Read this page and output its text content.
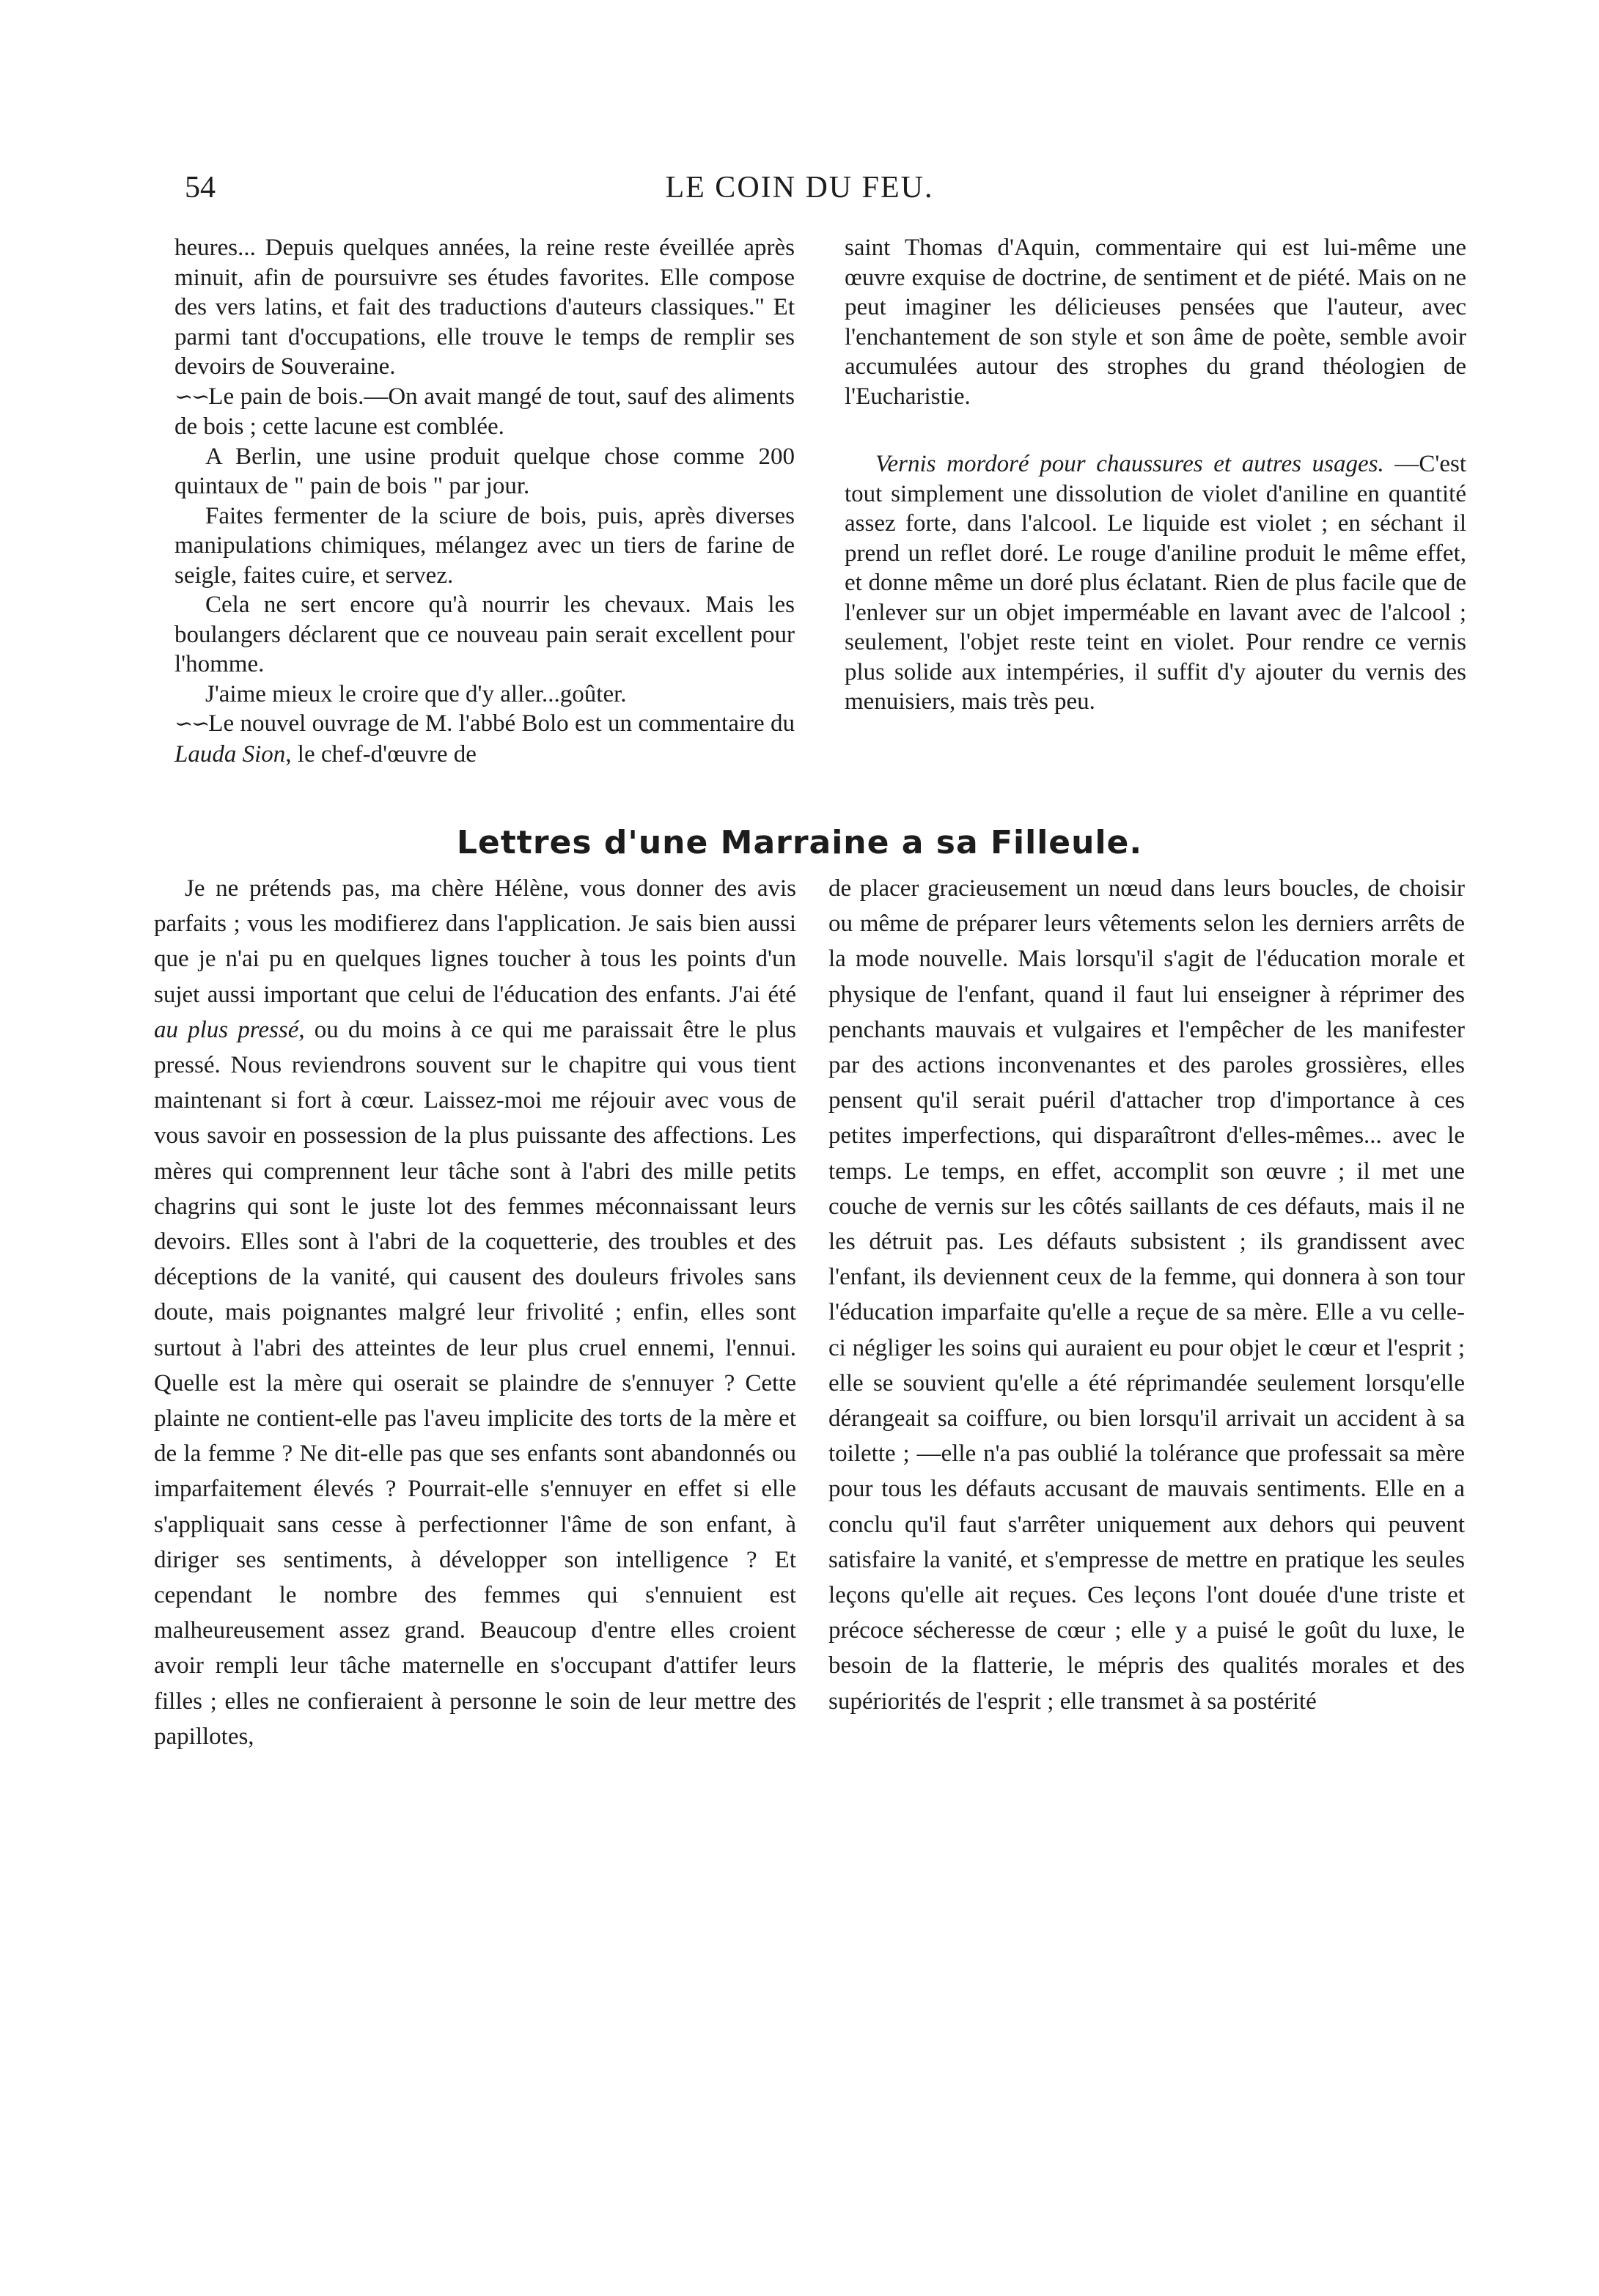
54	LE COIN DU FEU.

heures... Depuis quelques années, la reine reste éveillée après minuit, afin de poursuivre ses études favorites. Elle compose des vers latins, et fait des traductions d'auteurs classiques." Et parmi tant d'occupations, elle trouve le temps de remplir ses devoirs de Souveraine.

∽∽Le pain de bois.—On avait mangé de tout, sauf des aliments de bois ; cette lacune est comblée.

A Berlin, une usine produit quelque chose comme 200 quintaux de " pain de bois " par jour.

Faites fermenter de la sciure de bois, puis, après diverses manipulations chimiques, mélangez avec un tiers de farine de seigle, faites cuire, et servez.

Cela ne sert encore qu'à nourrir les chevaux. Mais les boulangers déclarent que ce nouveau pain serait excellent pour l'homme.

J'aime mieux le croire que d'y aller...goûter.

∽∽Le nouvel ouvrage de M. l'abbé Bolo est un commentaire du Lauda Sion, le chef-d'œuvre de

saint Thomas d'Aquin, commentaire qui est lui-même une œuvre exquise de doctrine, de sentiment et de piété. Mais on ne peut imaginer les délicieuses pensées que l'auteur, avec l'enchantement de son style et son âme de poète, semble avoir accumulées autour des strophes du grand théologien de l'Eucharistie.

Vernis mordoré pour chaussures et autres usages. —C'est tout simplement une dissolution de violet d'aniline en quantité assez forte, dans l'alcool. Le liquide est violet ; en séchant il prend un reflet doré. Le rouge d'aniline produit le même effet, et donne même un doré plus éclatant. Rien de plus facile que de l'enlever sur un objet imperméable en lavant avec de l'alcool ; seulement, l'objet reste teint en violet. Pour rendre ce vernis plus solide aux intempéries, il suffit d'y ajouter du vernis des menuisiers, mais très peu.

Lettres d'une Marraine a sa Filleule.

Je ne prétends pas, ma chère Hélène, vous donner des avis parfaits ; vous les modifierez dans l'application. Je sais bien aussi que je n'ai pu en quelques lignes toucher à tous les points d'un sujet aussi important que celui de l'éducation des enfants. J'ai été au plus pressé, ou du moins à ce qui me paraissait être le plus pressé. Nous reviendrons souvent sur le chapitre qui vous tient maintenant si fort à cœur. Laissez-moi me réjouir avec vous de vous savoir en possession de la plus puissante des affections. Les mères qui comprennent leur tâche sont à l'abri des mille petits chagrins qui sont le juste lot des femmes méconnaissant leurs devoirs. Elles sont à l'abri de la coquetterie, des troubles et des déceptions de la vanité, qui causent des douleurs frivoles sans doute, mais poignantes malgré leur frivolité ; enfin, elles sont surtout à l'abri des atteintes de leur plus cruel ennemi, l'ennui. Quelle est la mère qui oserait se plaindre de s'ennuyer ? Cette plainte ne contient-elle pas l'aveu implicite des torts de la mère et de la femme ? Ne dit-elle pas que ses enfants sont abandonnés ou imparfaitement élevés ? Pourrait-elle s'ennuyer en effet si elle s'appliquait sans cesse à perfectionner l'âme de son enfant, à diriger ses sentiments, à développer son intelligence ? Et cependant le nombre des femmes qui s'ennuient est malheureusement assez grand. Beaucoup d'entre elles croient avoir rempli leur tâche maternelle en s'occupant d'attifer leurs filles ; elles ne confieraient à personne le soin de leur mettre des papillotes,

de placer gracieusement un nœud dans leurs boucles, de choisir ou même de préparer leurs vêtements selon les derniers arrêts de la mode nouvelle. Mais lorsqu'il s'agit de l'éducation morale et physique de l'enfant, quand il faut lui enseigner à réprimer des penchants mauvais et vulgaires et l'empêcher de les manifester par des actions inconvenantes et des paroles grossières, elles pensent qu'il serait puéril d'attacher trop d'importance à ces petites imperfections, qui disparaîtront d'elles-mêmes... avec le temps. Le temps, en effet, accomplit son œuvre ; il met une couche de vernis sur les côtés saillants de ces défauts, mais il ne les détruit pas. Les défauts subsistent ; ils grandissent avec l'enfant, ils deviennent ceux de la femme, qui donnera à son tour l'éducation imparfaite qu'elle a reçue de sa mère. Elle a vu celle-ci négliger les soins qui auraient eu pour objet le cœur et l'esprit ; elle se souvient qu'elle a été réprimandée seulement lorsqu'elle dérangeait sa coiffure, ou bien lorsqu'il arrivait un accident à sa toilette ; —elle n'a pas oublié la tolérance que professait sa mère pour tous les défauts accusant de mauvais sentiments. Elle en a conclu qu'il faut s'arrêter uniquement aux dehors qui peuvent satisfaire la vanité, et s'empresse de mettre en pratique les seules leçons qu'elle ait reçues. Ces leçons l'ont douée d'une triste et précoce sécheresse de cœur ; elle y a puisé le goût du luxe, le besoin de la flatterie, le mépris des qualités morales et des supériorités de l'esprit ; elle transmet à sa postérité
